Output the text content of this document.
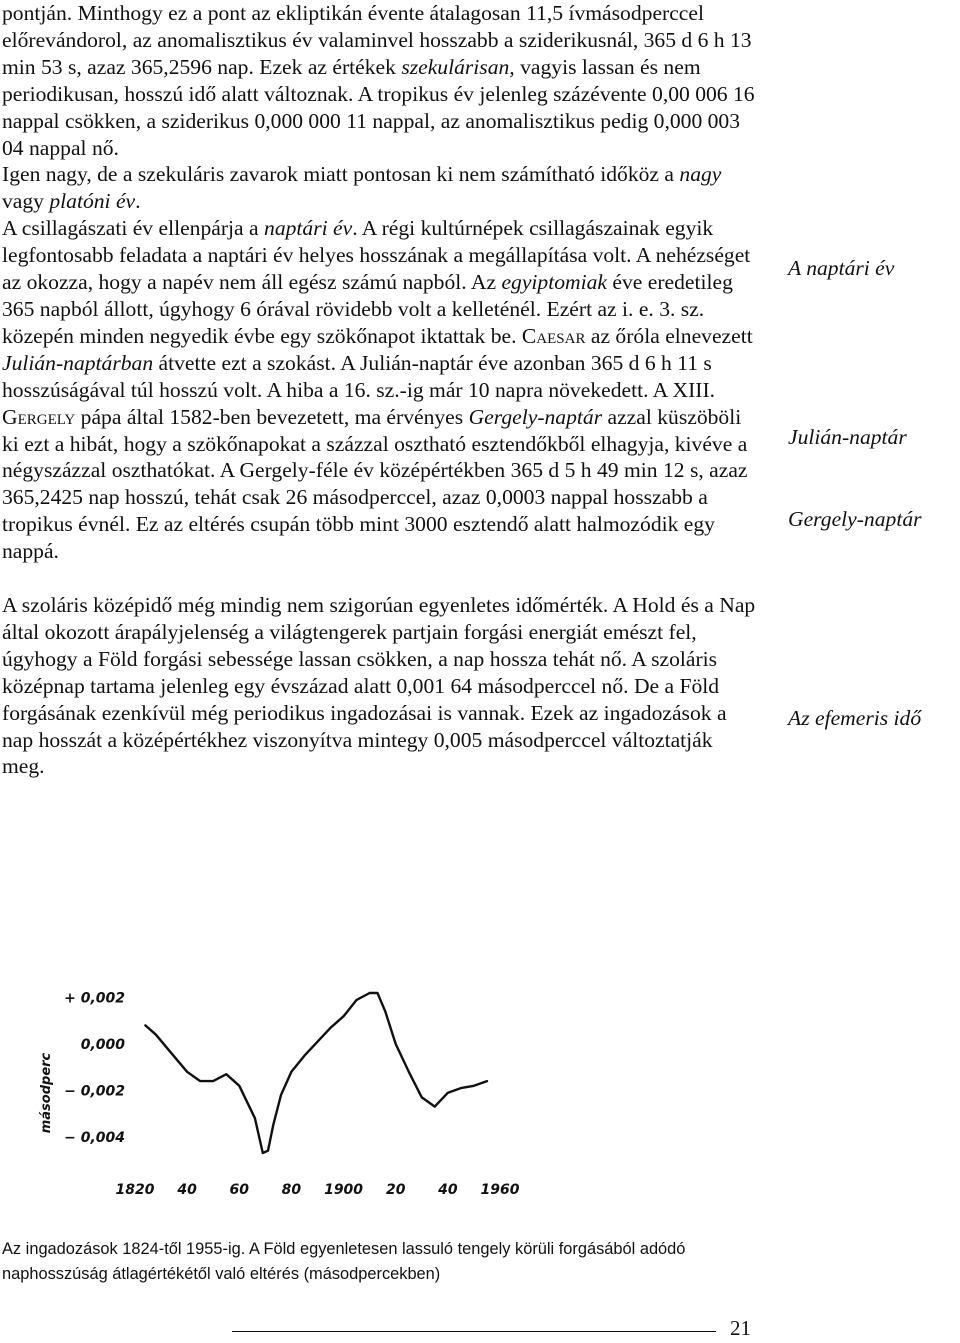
pontján. Minthogy ez a pont az ekliptikán évente átalagosan 11,5 ívmásodperccel előrevándorol, az anomalisztikus év valaminvel hosszabb a sziderikusnál, 365 d 6 h 13 min 53 s, azaz 365,2596 nap. Ezek az értékek szekulárisan, vagyis lassan és nem periodikusan, hosszú idő alatt változnak. A tropikus év jelenleg százévente 0,00 006 16 nappal csökken, a sziderikus 0,000 000 11 nappal, az anomalisztikus pedig 0,000 003 04 nappal nő.

Igen nagy, de a szekuláris zavarok miatt pontosan ki nem számítható időköz a nagy vagy platóni év.

A csillagászati év ellenpárja a naptári év. A régi kultúrnépek csillagászainak egyik legfontosabb feladata a naptári év helyes hosszának a megállapítása volt. A nehézséget az okozza, hogy a napév nem áll egész számú napból. Az egyiptomiak éve eredetileg 365 napból állott, úgyhogy 6 órával rövidebb volt a kelleténél. Ezért az i. e. 3. sz. közepén minden negyedik évbe egy szökőnapot iktattak be. Caesar az őróla elnevezett Julián-naptárban átvette ezt a szokást. A Julián-naptár éve azonban 365 d 6 h 11 s hosszúságával túl hosszú volt. A hiba a 16. sz.-ig már 10 napra növekedett. A XIII. Gergely pápa által 1582-ben bevezetett, ma érvényes Gergely-naptár azzal küszöböli ki ezt a hibát, hogy a szökőnapokat a százzal osztható esztendőkből elhagyja, kivéve a négyszázzal oszthatókat. A Gergely-féle év középértékben 365 d 5 h 49 min 12 s, azaz 365,2425 nap hosszú, tehát csak 26 másodperccel, azaz 0,0003 nappal hosszabb a tropikus évnél. Ez az eltérés csupán több mint 3000 esztendő alatt halmozódik egy nappá.

A szoláris középidő még mindig nem szigorúan egyenletes időmérték. A Hold és a Nap által okozott árapályjelenség a világtengerek partjain forgási energiát emészt fel, úgyhogy a Föld forgási sebessége lassan csökken, a nap hossza tehát nő. A szoláris középnap tartama jelenleg egy évszázad alatt 0,001 64 másodperccel nő. De a Föld forgásának ezenkívül még periodikus ingadozásai is vannak. Ezek az ingadozások a nap hosszát a középértékhez viszonyítva mintegy 0,005 másodperccel változtatják meg.

A naptári év
Julián-naptár
Gergely-naptár
Az efemeris idő
másodperc
+ 0,002
0,000
− 0,002
− 0,004
1820 40 60 80 1900 20 40 1960
Az ingadozások 1824-től 1955-ig. A Föld egyenletesen lassuló tengely körüli forgásából adódó naphosszúság átlagértékétől való eltérés (másodpercekben)
21
